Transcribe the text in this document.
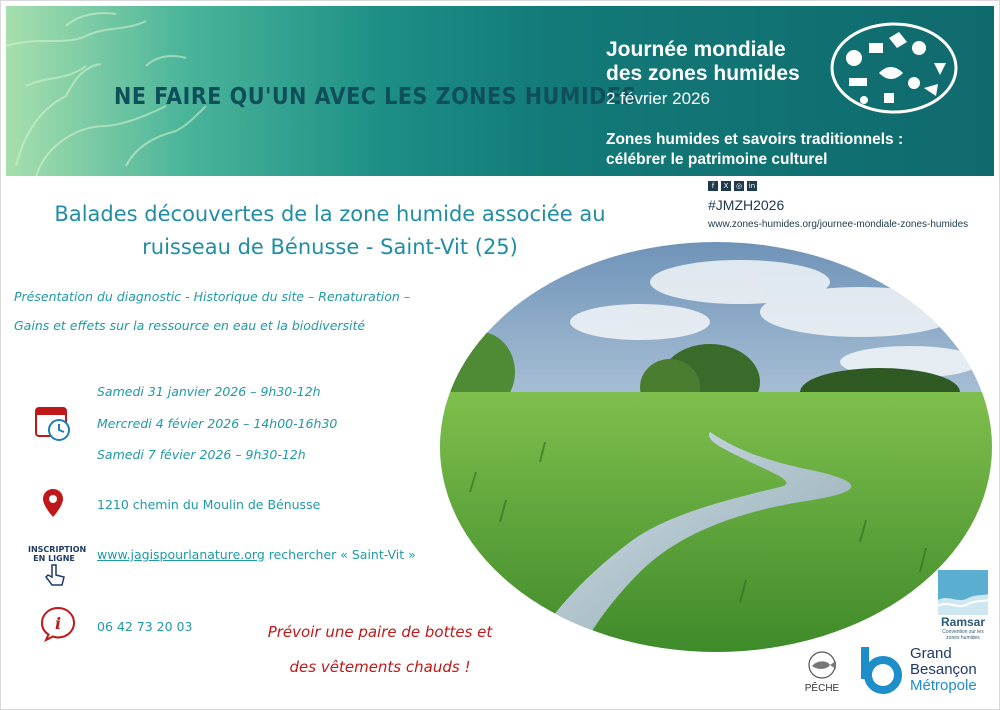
NE FAIRE QU'UN AVEC LES ZONES HUMIDES
Journée mondiale
des zones humides
2 février 2026
Zones humides et savoirs traditionnels :
célébrer le patrimoine culturel
f	X	◎ in
#JMZH2026
www.zones-humides.org/journee-mondiale-zones-humides
Balades découvertes de la zone humide associée au
ruisseau de Bénusse - Saint-Vit (25)
Présentation du diagnostic - Historique du site – Renaturation –
Gains et effets sur la ressource en eau et la biodiversité
Samedi 31 janvier 2026 – 9h30-12h
Mercredi 4 févier 2026 – 14h00-16h30
Samedi 7 févier 2026 – 9h30-12h
1210 chemin du Moulin de Bénusse
INSCRIPTION
EN LIGNE	www.jagispourlanature.org rechercher « Saint-Vit »
i	06 42 73 20 03	Prévoir une paire de bottes et
des vêtements chauds !
Ramsar
Convention sur les zones humides
PÊCHE
Grand
Besançon
Métropole
